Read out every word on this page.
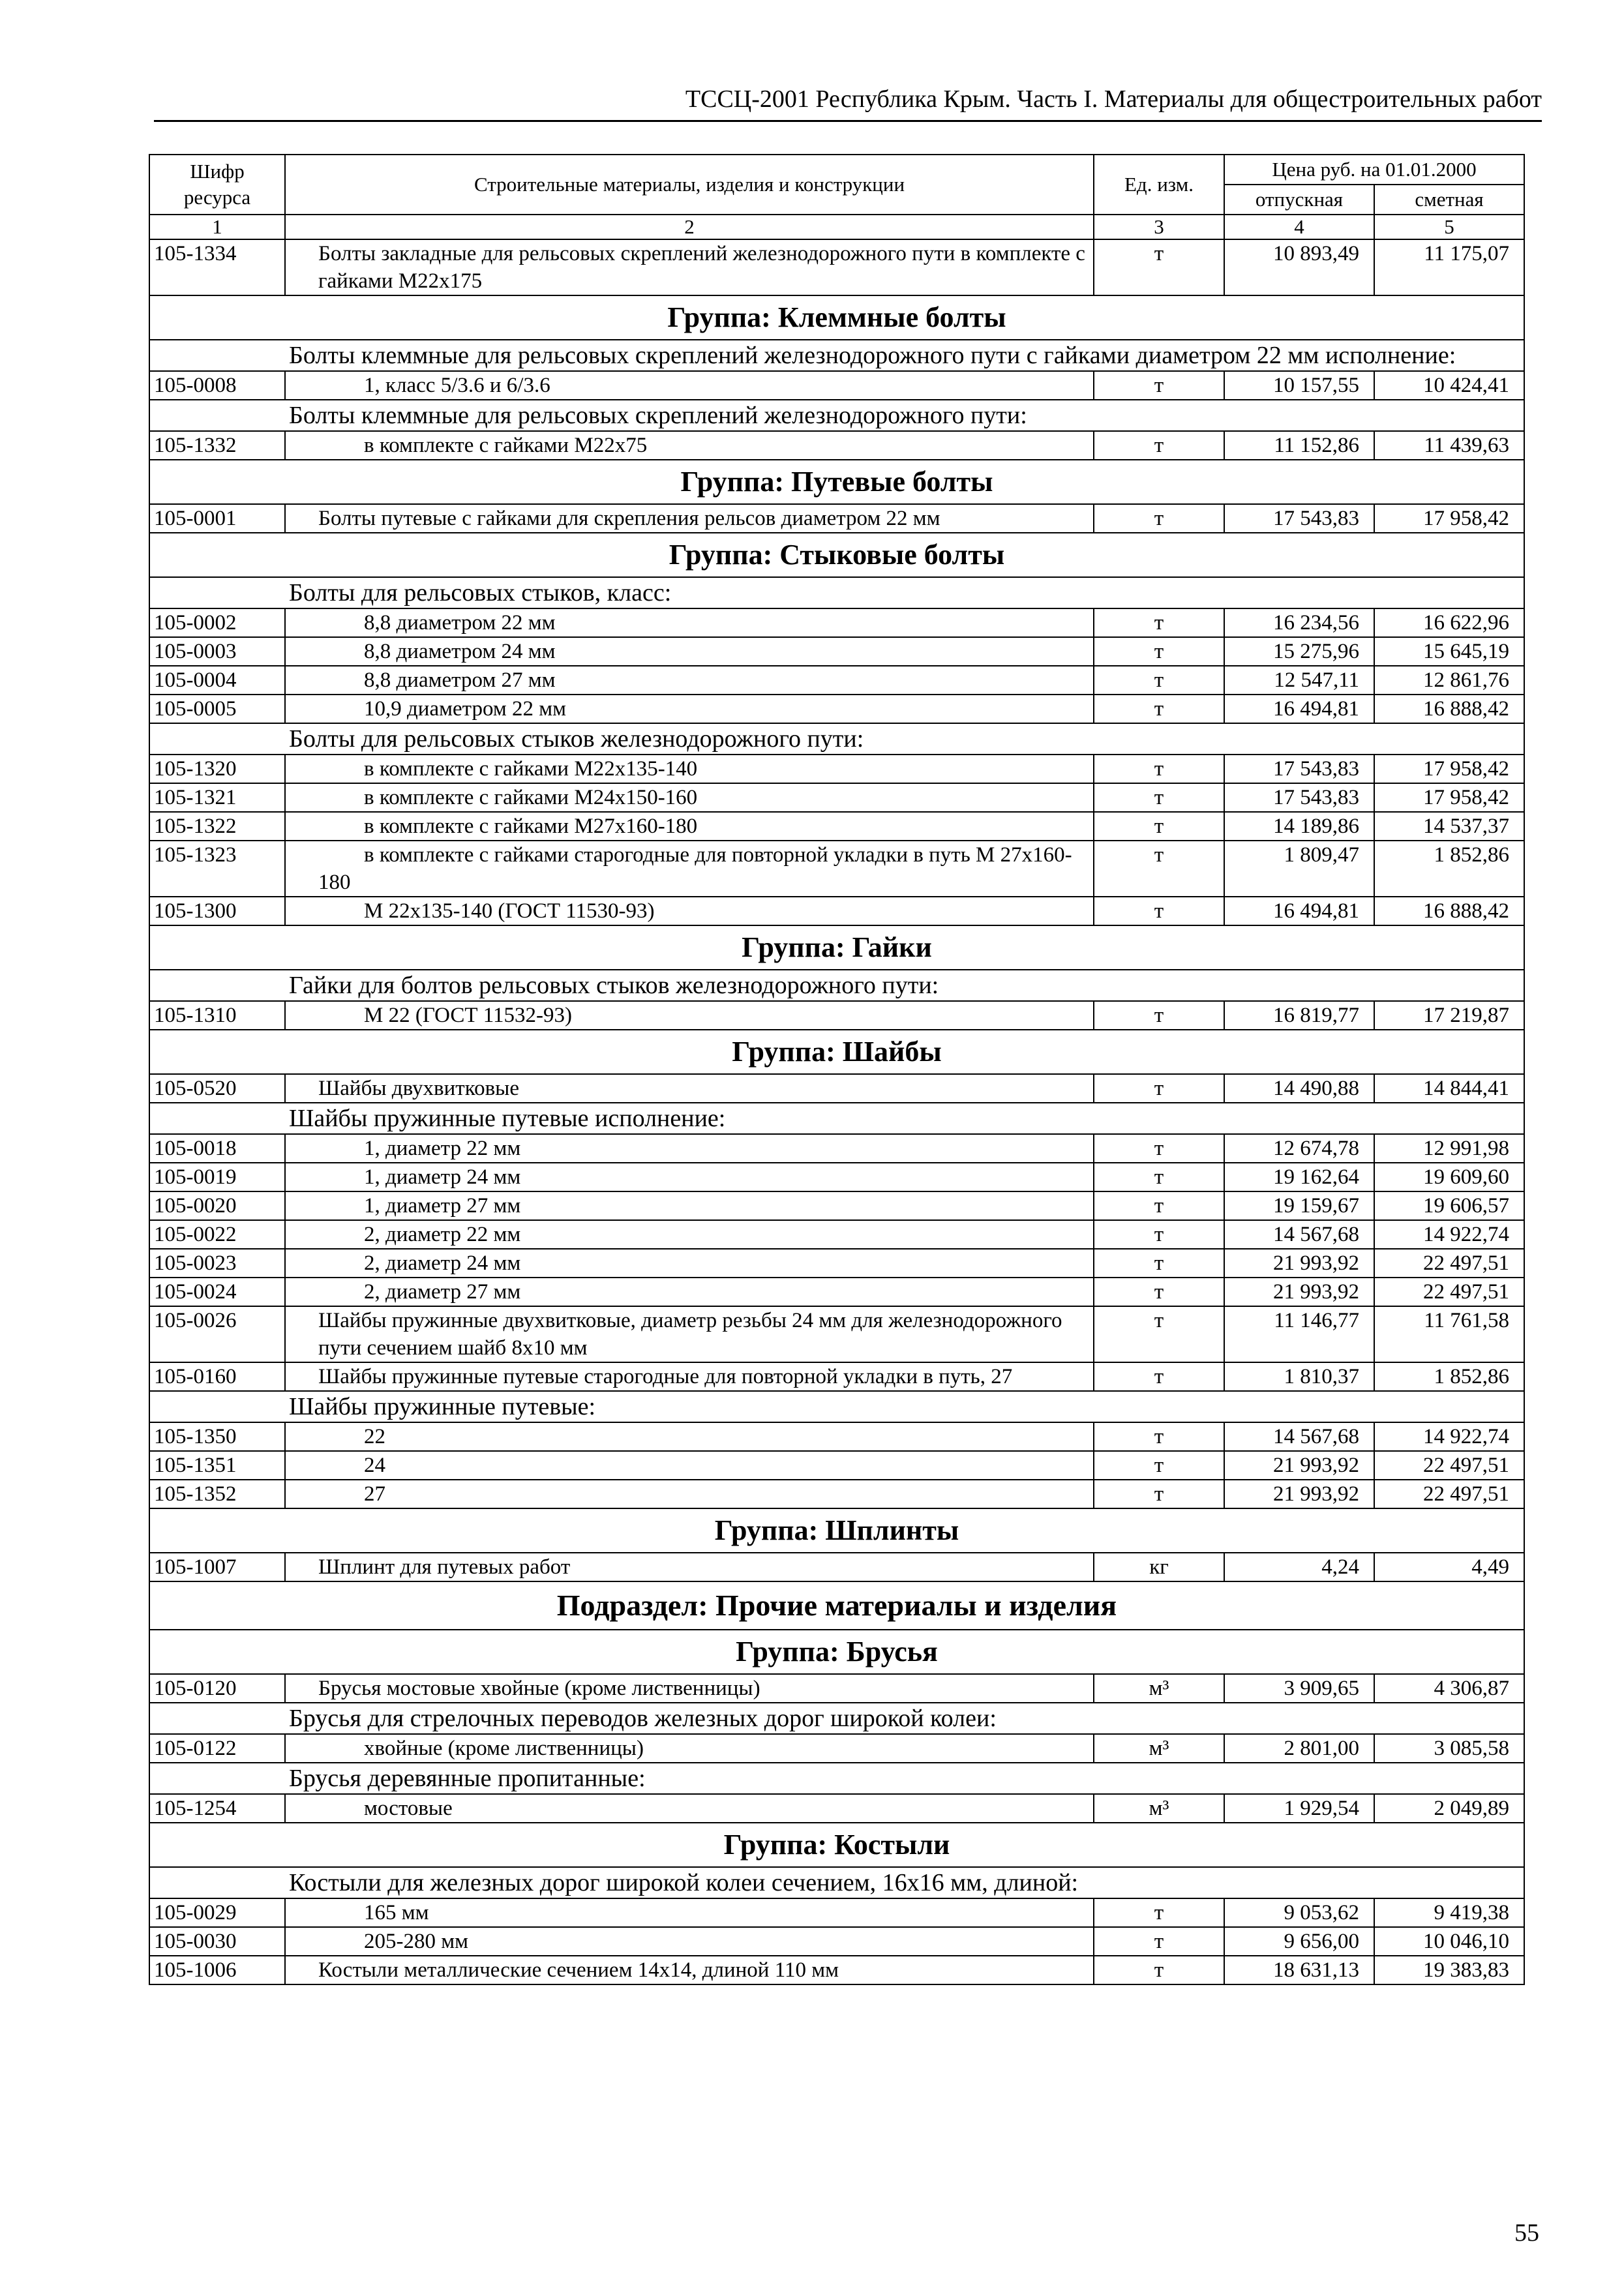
ТССЦ-2001 Республика Крым. Часть I. Материалы для общестроительных работ
Шифр ресурса	Строительные материалы, изделия и конструкции	Ед. изм.	Цена руб. на 01.01.2000	
			отпускная	сметная
1	2	3	4	5
105-1334	Болты закладные для рельсовых скреплений железнодорожного пути в комплекте с гайками М22х175	т	10 893,49	11 175,07
Группа: Клеммные болты				
	Болты клеммные для рельсовых скреплений железнодорожного пути с гайками диаметром 22 мм исполнение:			
105-0008	1, класс 5/3.6 и 6/3.6	т	10 157,55	10 424,41
	Болты клеммные для рельсовых скреплений железнодорожного пути:			
105-1332	в комплекте с гайками М22х75	т	11 152,86	11 439,63
Группа: Путевые болты				
105-0001	Болты путевые с гайками для скрепления рельсов диаметром 22 мм	т	17 543,83	17 958,42
Группа: Стыковые болты				
	Болты для рельсовых стыков, класс:			
105-0002	8,8 диаметром 22 мм	т	16 234,56	16 622,96
105-0003	8,8 диаметром 24 мм	т	15 275,96	15 645,19
105-0004	8,8 диаметром 27 мм	т	12 547,11	12 861,76
105-0005	10,9 диаметром 22 мм	т	16 494,81	16 888,42
	Болты для рельсовых стыков железнодорожного пути:			
105-1320	в комплекте с гайками М22х135-140	т	17 543,83	17 958,42
105-1321	в комплекте с гайками М24х150-160	т	17 543,83	17 958,42
105-1322	в комплекте с гайками М27х160-180	т	14 189,86	14 537,37
105-1323	в комплекте с гайками старогодные для повторной укладки в путь М 27х160-180	т	1 809,47	1 852,86
105-1300	М 22х135-140 (ГОСТ 11530-93)	т	16 494,81	16 888,42
Группа: Гайки				
	Гайки для болтов рельсовых стыков железнодорожного пути:			
105-1310	М 22 (ГОСТ 11532-93)	т	16 819,77	17 219,87
Группа: Шайбы				
105-0520	Шайбы двухвитковые	т	14 490,88	14 844,41
	Шайбы пружинные путевые исполнение:			
105-0018	1, диаметр 22 мм	т	12 674,78	12 991,98
105-0019	1, диаметр 24 мм	т	19 162,64	19 609,60
105-0020	1, диаметр 27 мм	т	19 159,67	19 606,57
105-0022	2, диаметр 22 мм	т	14 567,68	14 922,74
105-0023	2, диаметр 24 мм	т	21 993,92	22 497,51
105-0024	2, диаметр 27 мм	т	21 993,92	22 497,51
105-0026	Шайбы пружинные двухвитковые, диаметр резьбы 24 мм для железнодорожного пути сечением шайб 8х10 мм	т	11 146,77	11 761,58
105-0160	Шайбы пружинные путевые старогодные для повторной укладки в путь, 27	т	1 810,37	1 852,86
	Шайбы пружинные путевые:			
105-1350	22	т	14 567,68	14 922,74
105-1351	24	т	21 993,92	22 497,51
105-1352	27	т	21 993,92	22 497,51
Группа: Шплинты				
105-1007	Шплинт для путевых работ	кг	4,24	4,49
Подраздел: Прочие материалы и изделия				
Группа: Брусья				
105-0120	Брусья мостовые хвойные (кроме лиственницы)	м³	3 909,65	4 306,87
	Брусья для стрелочных переводов железных дорог широкой колеи:			
105-0122	хвойные (кроме лиственницы)	м³	2 801,00	3 085,58
	Брусья деревянные пропитанные:			
105-1254	мостовые	м³	1 929,54	2 049,89
Группа: Костыли				
	Костыли для железных дорог широкой колеи сечением, 16х16 мм, длиной:			
105-0029	165 мм	т	9 053,62	9 419,38
105-0030	205-280 мм	т	9 656,00	10 046,10
105-1006	Костыли металлические сечением 14х14, длиной 110 мм	т	18 631,13	19 383,83
55
